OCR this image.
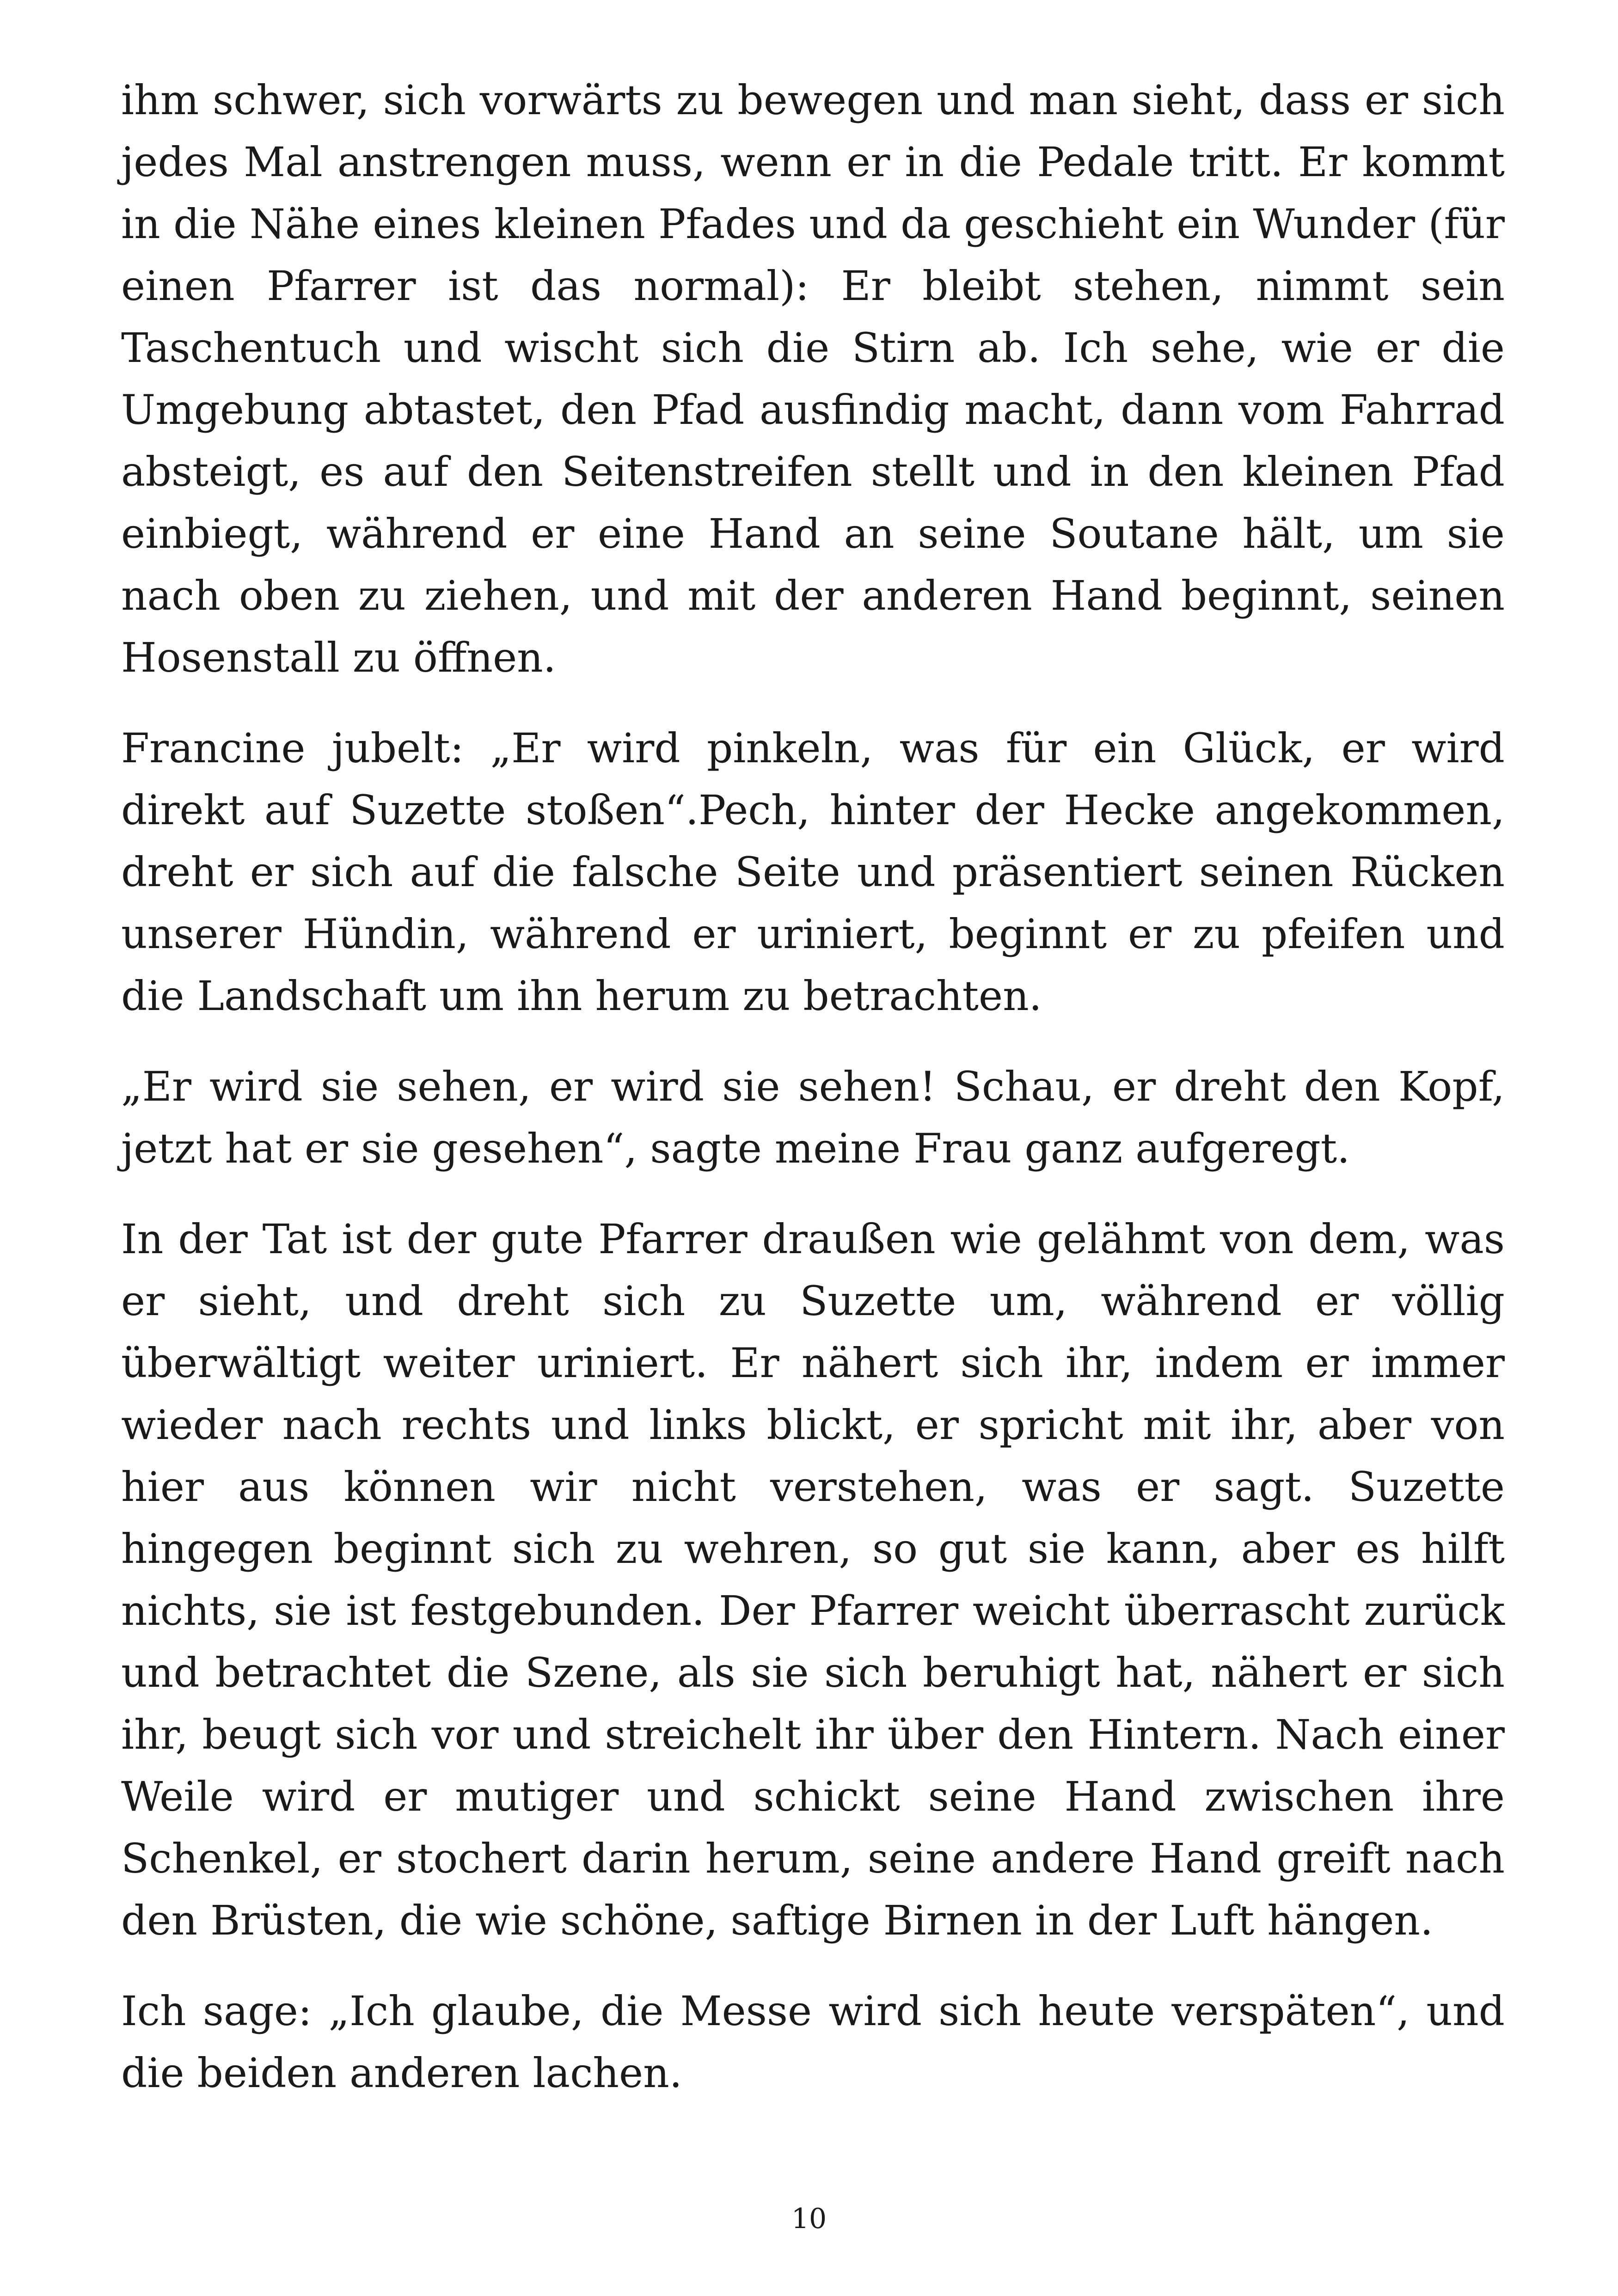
ihm schwer, sich vorwärts zu bewegen und man sieht, dass er sich jedes Mal anstrengen muss, wenn er in die Pedale tritt. Er kommt in die Nähe eines kleinen Pfades und da geschieht ein Wunder (für einen Pfarrer ist das normal): Er bleibt stehen, nimmt sein Taschentuch und wischt sich die Stirn ab. Ich sehe, wie er die Umgebung abtastet, den Pfad ausfindig macht, dann vom Fahrrad absteigt, es auf den Seitenstreifen stellt und in den kleinen Pfad einbiegt, während er eine Hand an seine Soutane hält, um sie nach oben zu ziehen, und mit der anderen Hand beginnt, seinen Hosenstall zu öffnen.

Francine jubelt: „Er wird pinkeln, was für ein Glück, er wird direkt auf Suzette stoßen“.Pech, hinter der Hecke angekommen, dreht er sich auf die falsche Seite und präsentiert seinen Rücken unserer Hündin, während er uriniert, beginnt er zu pfeifen und die Landschaft um ihn herum zu betrachten.

„Er wird sie sehen, er wird sie sehen! Schau, er dreht den Kopf, jetzt hat er sie gesehen“, sagte meine Frau ganz aufgeregt.

In der Tat ist der gute Pfarrer draußen wie gelähmt von dem, was er sieht, und dreht sich zu Suzette um, während er völlig überwältigt weiter uriniert. Er nähert sich ihr, indem er immer wieder nach rechts und links blickt, er spricht mit ihr, aber von hier aus können wir nicht verstehen, was er sagt. Suzette hingegen beginnt sich zu wehren, so gut sie kann, aber es hilft nichts, sie ist festgebunden. Der Pfarrer weicht überrascht zurück und betrachtet die Szene, als sie sich beruhigt hat, nähert er sich ihr, beugt sich vor und streichelt ihr über den Hintern. Nach einer Weile wird er mutiger und schickt seine Hand zwischen ihre Schenkel, er stochert darin herum, seine andere Hand greift nach den Brüsten, die wie schöne, saftige Birnen in der Luft hängen.

Ich sage: „Ich glaube, die Messe wird sich heute verspäten“, und die beiden anderen lachen.

10
